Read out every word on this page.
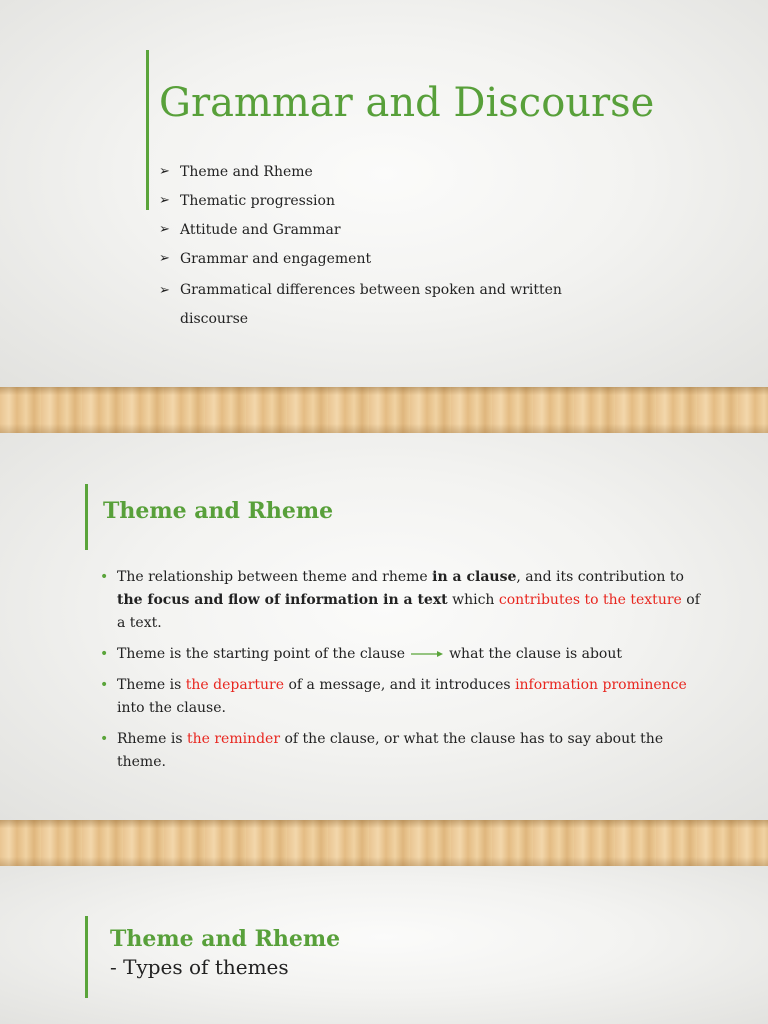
Grammar and Discourse
➢ Theme and Rheme
➢ Thematic progression
➢ Attitude and Grammar
➢ Grammar and engagement
➢ Grammatical differences between spoken and written discourse
Theme and Rheme
• The relationship between theme and rheme in a clause, and its contribution to the focus and flow of information in a text which contributes to the texture of a text.
• Theme is the starting point of the clause	what the clause is about
• Theme is the departure of a message, and it introduces information prominence into the clause.
• Rheme is the reminder of the clause, or what the clause has to say about the theme.
Theme and Rheme

- Types of themes
